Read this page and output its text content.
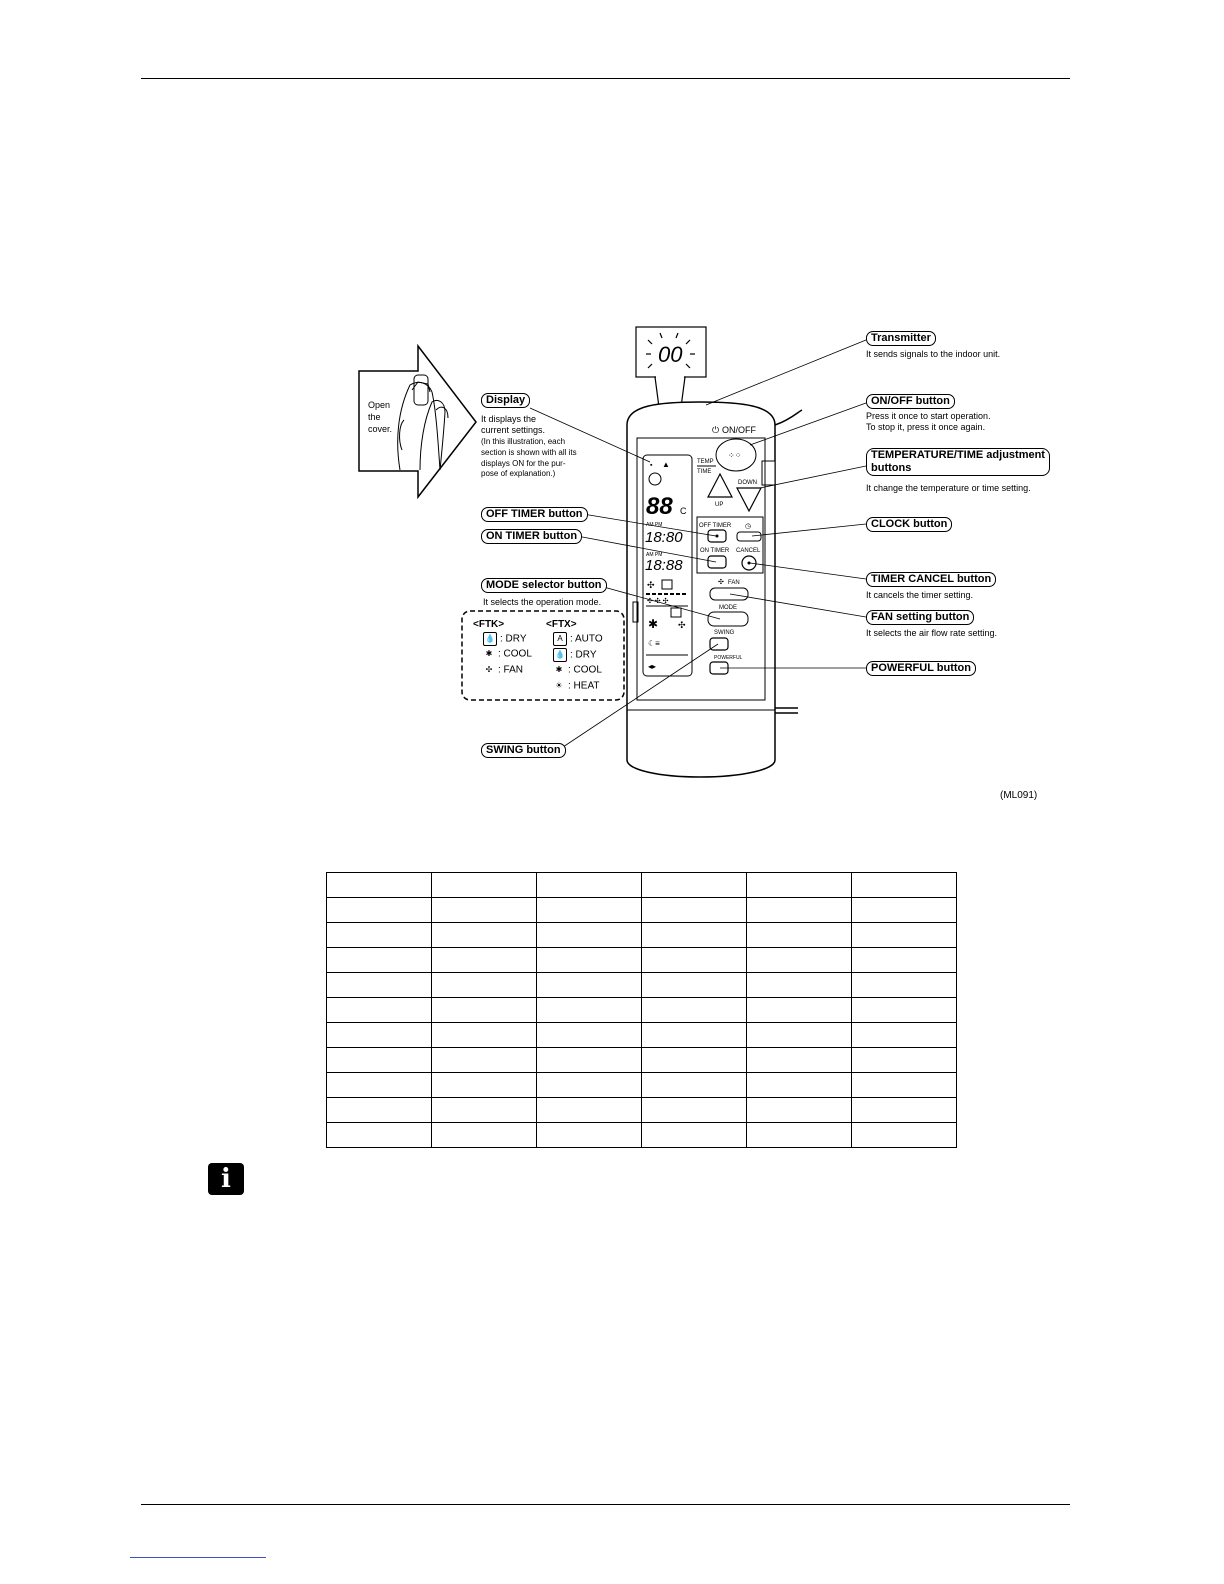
Open
the
cover.
00
▪ ▲
88 C
AM PM
18:80
AM PM
18:88
✣
✣ ✣ ✣
✱ ✣
☾≡
◂▸
⏻ ON/OFF
⁘⁘
TEMP
TIME
UP
DOWN
OFF TIMER ◷
ON TIMER CANCEL
✣ FAN
MODE
SWING
POWERFUL
Transmitter
It sends signals to the indoor unit.
Display
It displays the
current settings.
(In this illustration, each
section is shown with all its
displays ON for the pur-
pose of explanation.)
ON/OFF button
Press it once to start operation.
To stop it, press it once again.
TEMPERATURE/TIME adjustment
buttons
It change the temperature or time setting.
OFF TIMER button
ON TIMER button
CLOCK button
MODE selector button
It selects the operation mode.
TIMER CANCEL button
It cancels the timer setting.
FAN setting button
It selects the air flow rate setting.
POWERFUL button
SWING button
<FTK>	<FTX>
💧 : DRY
✱ : COOL
✣ : FAN
A : AUTO
💧 : DRY
✱ : COOL
☀ : HEAT
(ML091)

i
